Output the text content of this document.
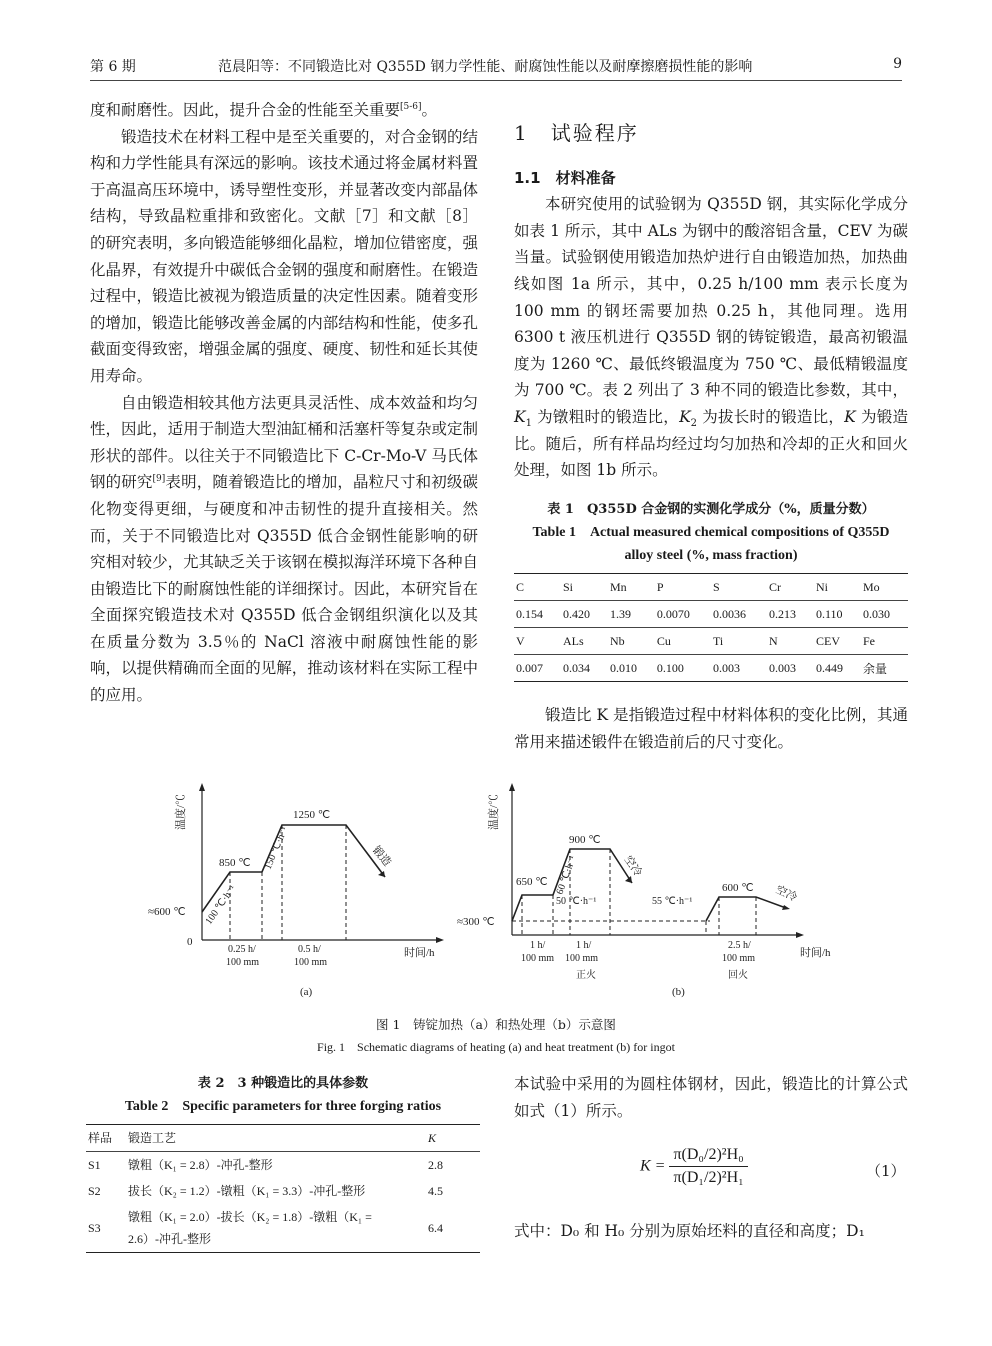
第 6 期	范晨阳等：不同锻造比对 Q355D 钢力学性能、耐腐蚀性能以及耐摩擦磨损性能的影响	9

度和耐磨性。因此，提升合金的性能至关重要[5-6]。

锻造技术在材料工程中是至关重要的，对合金钢的结构和力学性能具有深远的影响。该技术通过将金属材料置于高温高压环境中，诱导塑性变形，并显著改变内部晶体结构，导致晶粒重排和致密化。文献［7］和文献［8］的研究表明，多向锻造能够细化晶粒，增加位错密度，强化晶界，有效提升中碳低合金钢的强度和耐磨性。在锻造过程中，锻造比被视为锻造质量的决定性因素。随着变形的增加，锻造比能够改善金属的内部结构和性能，使多孔截面变得致密，增强金属的强度、硬度、韧性和延长其使用寿命。

自由锻造相较其他方法更具灵活性、成本效益和均匀性，因此，适用于制造大型油缸桶和活塞杆等复杂或定制形状的部件。以往关于不同锻造比下 C-Cr-Mo-V 马氏体钢的研究[9]表明，随着锻造比的增加，晶粒尺寸和初级碳化物变得更细，与硬度和冲击韧性的提升直接相关。然而，关于不同锻造比对 Q355D 低合金钢性能影响的研究相对较少，尤其缺乏关于该钢在模拟海洋环境下各种自由锻造比下的耐腐蚀性能的详细探讨。因此，本研究旨在全面探究锻造技术对 Q355D 低合金钢组织演化以及其在质量分数为 3.5％的 NaCl 溶液中耐腐蚀性能的影响，以提供精确而全面的见解，推动该材料在实际工程中的应用。

1　试验程序

1.1　材料准备

本研究使用的试验钢为 Q355D 钢，其实际化学成分如表 1 所示，其中 ALs 为钢中的酸溶铝含量，CEV 为碳当量。试验钢使用锻造加热炉进行自由锻造加热，加热曲线如图 1a 所示，其中，0.25 h/100 mm 表示长度为 100 mm 的钢坯需要加热 0.25 h，其他同理。选用 6300 t 液压机进行 Q355D 钢的铸锭锻造，最高初锻温度为 1260 ℃、最低终锻温度为 750 ℃、最低精锻温度为 700 ℃。表 2 列出了 3 种不同的锻造比参数，其中，$K_1$ 为镦粗时的锻造比，$K_2$ 为拔长时的锻造比，K 为锻造比。随后，所有样品均经过均匀加热和冷却的正火和回火处理，如图 1b 所示。

表 1　Q355D 合金钢的实测化学成分（%，质量分数）
Table 1　Actual measured chemical compositions of Q355D
alloy steel (%, mass fraction)
C	Si	Mn	P	S	Cr	Ni	Mo
0.154	0.420	1.39	0.0070	0.0036	0.213	0.110	0.030
V	ALs	Nb	Cu	Ti	N	CEV	Fe
0.007	0.034	0.010	0.100	0.003	0.003	0.449	余量

锻造比 K 是指锻造过程中材料体积的变化比例，其通常用来描述锻件在锻造前后的尺寸变化。

温度/℃
≈600 ℃
850 ℃
1250 ℃
100 ℃·h⁻¹
150 ℃·h⁻¹	锻造
0
0.25 h/
100 mm
0.5 h/
100 mm
时间/h
(a)
温度/℃
≈300 ℃
650 ℃
900 ℃
600 ℃
60 ℃·h⁻¹
50 ℃·h⁻¹	55 ℃·h⁻¹
空冷
空冷
1 h/
100 mm
1 h/
100 mm
正火
2.5 h/
100 mm
回火
时间/h
(b)
图 1　铸锭加热（a）和热处理（b）示意图
Fig. 1　Schematic diagrams of heating (a) and heat treatment (b) for ingot
表 2　3 种锻造比的具体参数
Table 2　Specific parameters for three forging ratios
样品	锻造工艺	K
S1	镦粗（K₁ = 2.8）-冲孔-整形	2.8
S2	拔长（K₂ = 1.2）-镦粗（K₁ = 3.3）-冲孔-整形	4.5
S3	镦粗（K₁ = 2.0）-拔长（K₂ = 1.8）-镦粗（K₁ = 2.6）-冲孔-整形	6.4

本试验中采用的为圆柱体钢材，因此，锻造比的计算公式如式（1）所示。

$K = \frac{\text{π(D₀/2)²H₀}}{\text{π(D₁/2)²H₁}}$	（1）

式中：D₀ 和 H₀ 分别为原始坯料的直径和高度；D₁
